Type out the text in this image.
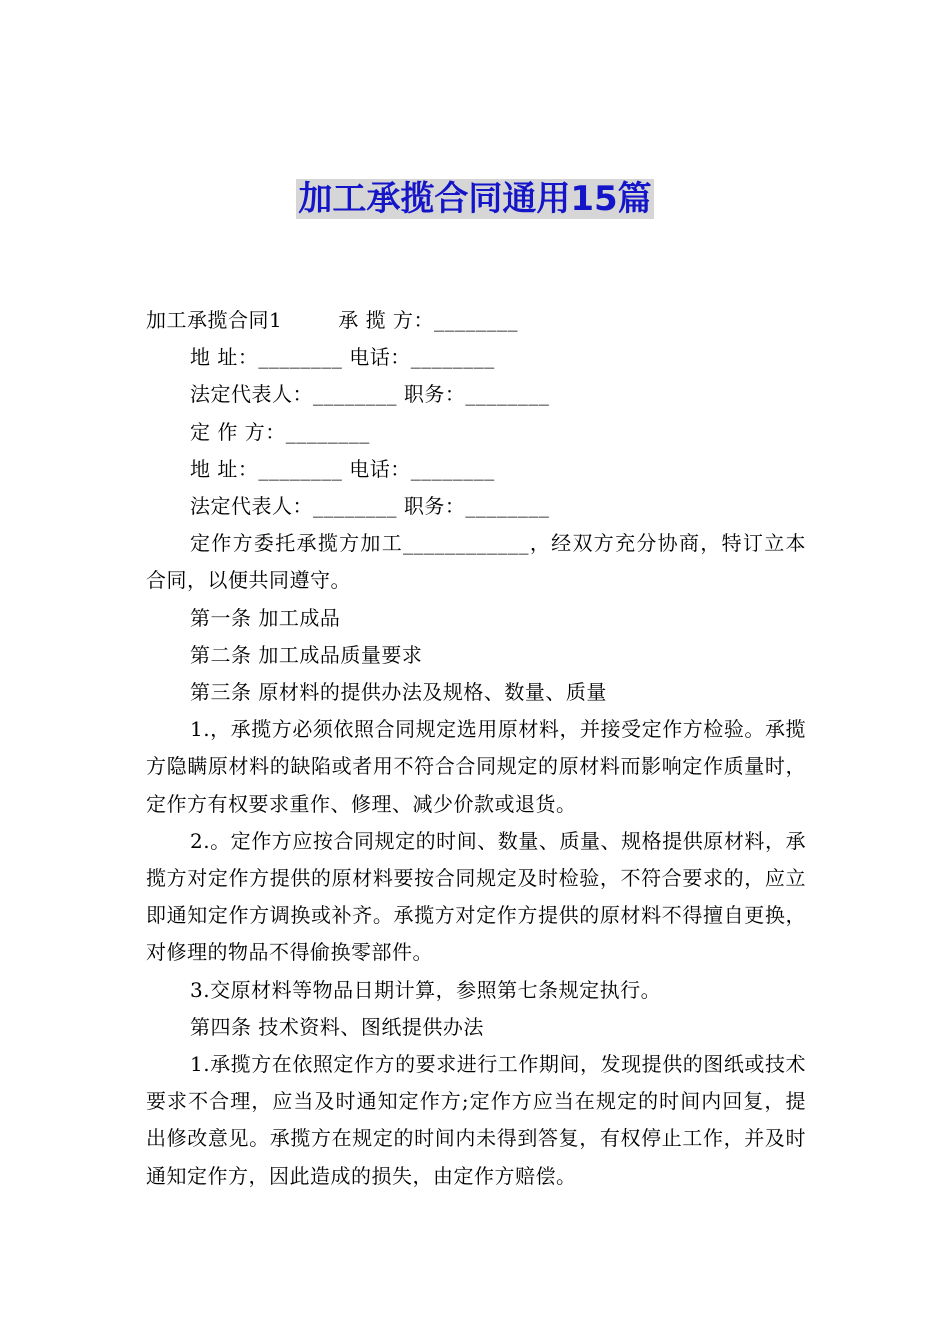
加工承揽合同通用15篇
加工承揽合同1	承 揽 方：________
地 址：________ 电话：________
法定代表人：________ 职务：________
定 作 方：________
地 址：________ 电话：________
法定代表人：________ 职务：________
定作方委托承揽方加工____________，经双方充分协商，特订立本合同，以便共同遵守。
第一条 加工成品
第二条 加工成品质量要求
第三条 原材料的提供办法及规格、数量、质量
1.，承揽方必须依照合同规定选用原材料，并接受定作方检验。承揽方隐瞒原材料的缺陷或者用不符合合同规定的原材料而影响定作质量时，定作方有权要求重作、修理、减少价款或退货。
2.。定作方应按合同规定的时间、数量、质量、规格提供原材料，承揽方对定作方提供的原材料要按合同规定及时检验，不符合要求的，应立即通知定作方调换或补齐。承揽方对定作方提供的原材料不得擅自更换，对修理的物品不得偷换零部件。
3.交原材料等物品日期计算，参照第七条规定执行。
第四条 技术资料、图纸提供办法
1.承揽方在依照定作方的要求进行工作期间，发现提供的图纸或技术要求不合理，应当及时通知定作方;定作方应当在规定的时间内回复，提出修改意见。承揽方在规定的时间内未得到答复，有权停止工作，并及时通知定作方，因此造成的损失，由定作方赔偿。
